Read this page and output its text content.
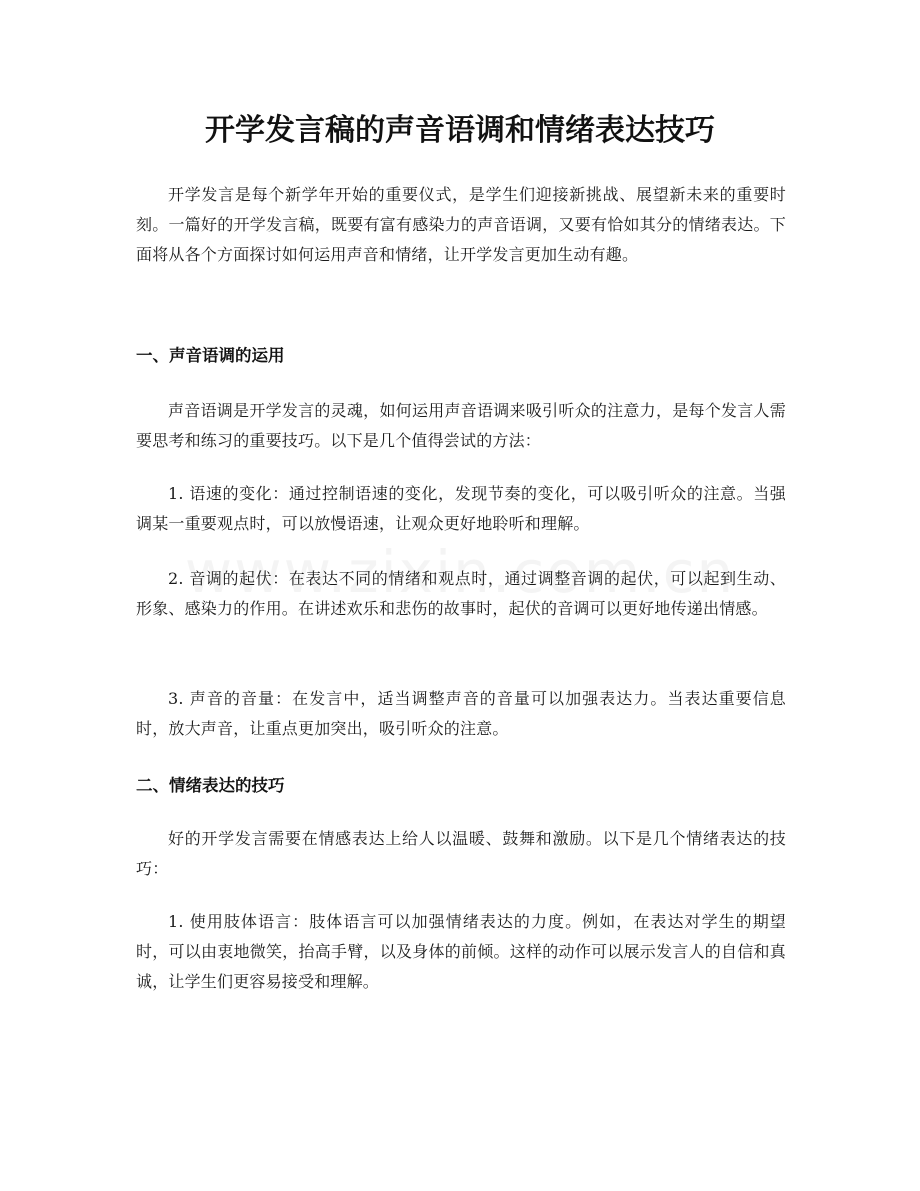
开学发言稿的声音语调和情绪表达技巧

开学发言是每个新学年开始的重要仪式，是学生们迎接新挑战、展望新未来的重要时刻。一篇好的开学发言稿，既要有富有感染力的声音语调，又要有恰如其分的情绪表达。下面将从各个方面探讨如何运用声音和情绪，让开学发言更加生动有趣。

一、声音语调的运用

声音语调是开学发言的灵魂，如何运用声音语调来吸引听众的注意力，是每个发言人需要思考和练习的重要技巧。以下是几个值得尝试的方法：

1. 语速的变化：通过控制语速的变化，发现节奏的变化，可以吸引听众的注意。当强调某一重要观点时，可以放慢语速，让观众更好地聆听和理解。

2. 音调的起伏：在表达不同的情绪和观点时，通过调整音调的起伏，可以起到生动、形象、感染力的作用。在讲述欢乐和悲伤的故事时，起伏的音调可以更好地传递出情感。

3. 声音的音量：在发言中，适当调整声音的音量可以加强表达力。当表达重要信息时，放大声音，让重点更加突出，吸引听众的注意。

二、情绪表达的技巧

好的开学发言需要在情感表达上给人以温暖、鼓舞和激励。以下是几个情绪表达的技巧：

1. 使用肢体语言：肢体语言可以加强情绪表达的力度。例如，在表达对学生的期望时，可以由衷地微笑，抬高手臂，以及身体的前倾。这样的动作可以展示发言人的自信和真诚，让学生们更容易接受和理解。
